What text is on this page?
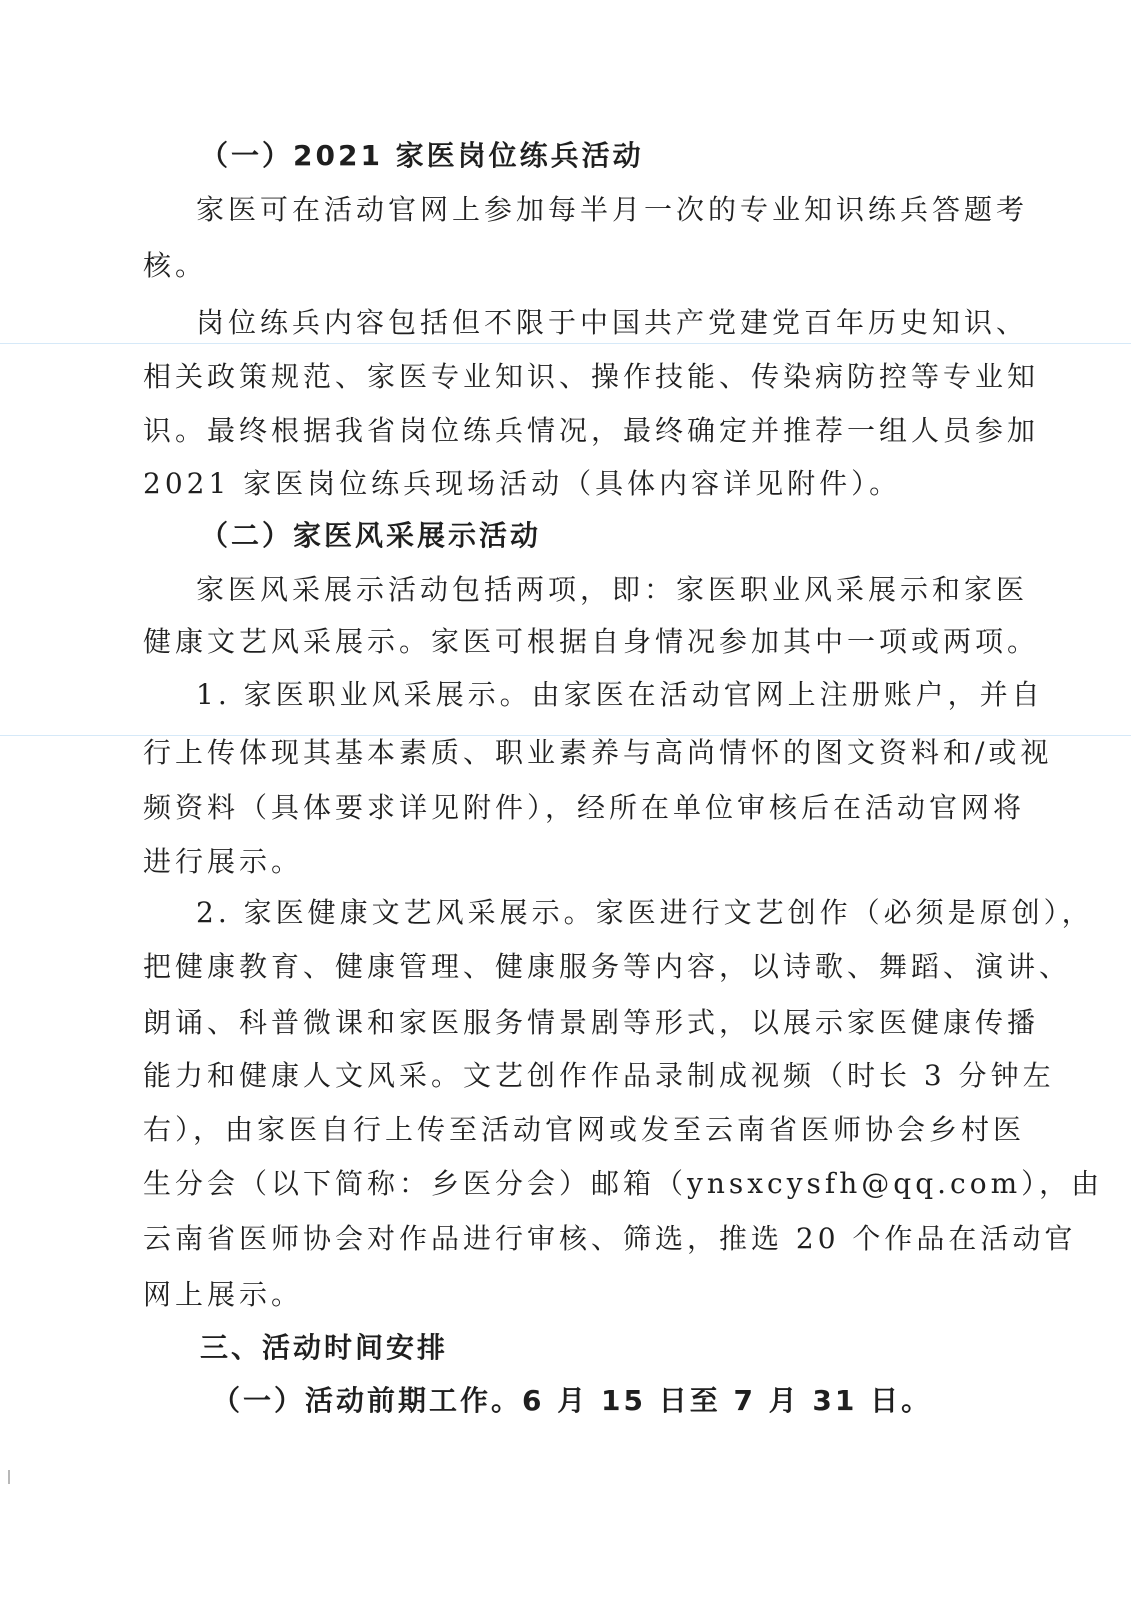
（一）2021 家医岗位练兵活动
家医可在活动官网上参加每半月一次的专业知识练兵答题考
核。
岗位练兵内容包括但不限于中国共产党建党百年历史知识、
相关政策规范、家医专业知识、操作技能、传染病防控等专业知
识。最终根据我省岗位练兵情况，最终确定并推荐一组人员参加
2021 家医岗位练兵现场活动（具体内容详见附件）。
（二）家医风采展示活动
家医风采展示活动包括两项，即：家医职业风采展示和家医
健康文艺风采展示。家医可根据自身情况参加其中一项或两项。
1. 家医职业风采展示。由家医在活动官网上注册账户，并自
行上传体现其基本素质、职业素养与高尚情怀的图文资料和/或视
频资料（具体要求详见附件），经所在单位审核后在活动官网将
进行展示。
2. 家医健康文艺风采展示。家医进行文艺创作（必须是原创），
把健康教育、健康管理、健康服务等内容，以诗歌、舞蹈、演讲、
朗诵、科普微课和家医服务情景剧等形式，以展示家医健康传播
能力和健康人文风采。文艺创作作品录制成视频（时长 3 分钟左
右），由家医自行上传至活动官网或发至云南省医师协会乡村医
生分会（以下简称：乡医分会）邮箱（ynsxcysfh@qq.com），由
云南省医师协会对作品进行审核、筛选，推选 20 个作品在活动官
网上展示。
三、活动时间安排
（一）活动前期工作。6 月 15 日至 7 月 31 日。
